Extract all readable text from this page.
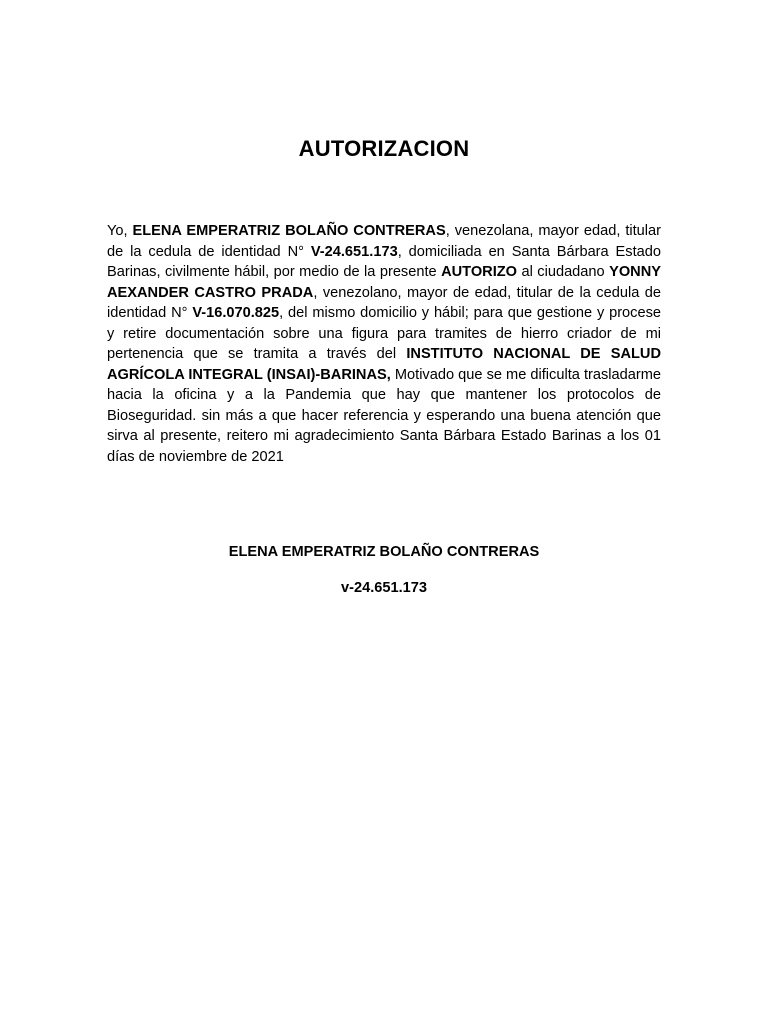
AUTORIZACION
Yo, ELENA EMPERATRIZ BOLAÑO CONTRERAS, venezolana, mayor edad, titular de la cedula de identidad N° V-24.651.173, domiciliada en Santa Bárbara Estado Barinas, civilmente hábil, por medio de la presente AUTORIZO al ciudadano YONNY AEXANDER CASTRO PRADA, venezolano, mayor de edad, titular de la cedula de identidad N° V-16.070.825, del mismo domicilio y hábil; para que gestione y procese y retire documentación sobre una figura para tramites de hierro criador de mi pertenencia que se tramita a través del INSTITUTO NACIONAL DE SALUD AGRÍCOLA INTEGRAL (INSAI)-BARINAS, Motivado que se me dificulta trasladarme hacia la oficina y a la Pandemia que hay que mantener los protocolos de Bioseguridad. sin más a que hacer referencia y esperando una buena atención que sirva al presente, reitero mi agradecimiento Santa Bárbara Estado Barinas a los 01 días de noviembre de 2021
ELENA EMPERATRIZ BOLAÑO CONTRERAS
v-24.651.173
